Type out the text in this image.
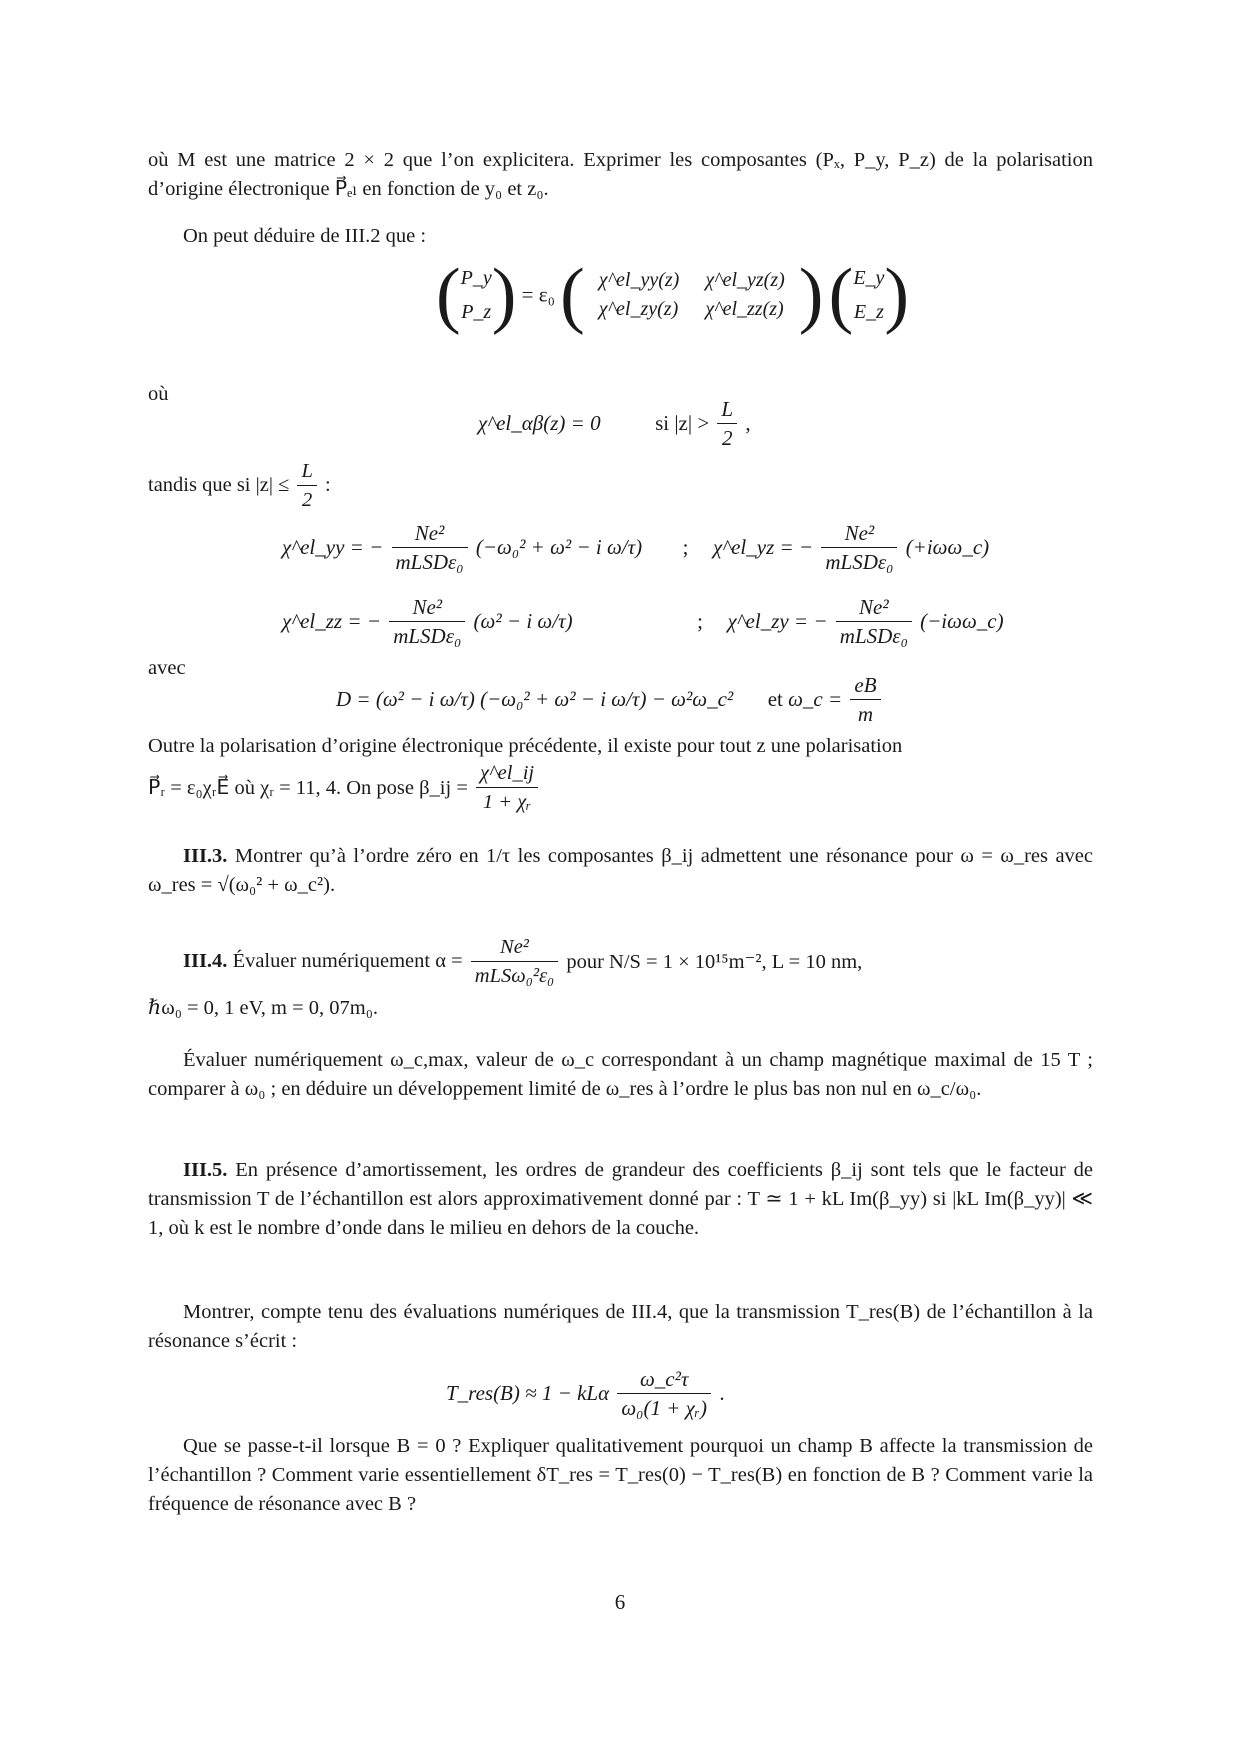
où M est une matrice 2 × 2 que l’on explicitera. Exprimer les composantes (Pₓ, P_y, P_z) de la polarisation d’origine électronique P⃗ₑₗ en fonction de y₀ et z₀.
On peut déduire de III.2 que :
( P_y
P_z ) = ε₀ ( χ^el_yy(z)	χ^el_yz(z)
χ^el_zy(z)	χ^el_zz(z) ) ( E_y
E_z )
où
χ^el_αβ(z) = 0	si $|z| > \frac{L}{2}$ ,
tandis que si $|z| \le \frac{L}{2}$ :
χ^el_yy = − $\frac{\text{Ne²}}{\text{mLSDε₀}} (-\omega_0^2 + \omega^2 - i$ ω/τ) ; χ^el_yz = − $\frac{\text{Ne²}}{\text{mLSDε₀}}$ (+iωω_c)
χ^el_zz = − $\frac{\text{Ne²}}{\text{mLSDε₀}} (\omega^2 - i$ ω/τ)	; χ^el_zy = − $\frac{\text{Ne²}}{\text{mLSDε₀}}$ (−iωω_c)
avec
D = (ω² − i ω/τ) (−ω₀² + ω² − i ω/τ) − ω²ω_c² et ω_c = $\frac{eB}{m}$
Outre la polarisation d’origine électronique précédente, il existe pour tout z une polarisation
P⃗ᵣ = ε₀χᵣE⃗ où χᵣ = 11, 4. On pose β_ij = $\frac{\chi\^{}el\_ij}{\text{1 + χᵣ}}$
III.3. Montrer qu’à l’ordre zéro en 1/τ les composantes β_ij admettent une résonance pour ω = ω_res avec ω_res = √(ω₀² + ω_c²).
III.4. Évaluer numériquement $\alpha = \frac{\text{Ne²}}{\text{mLSω₀²ε₀}}$ pour N/S = 1 × 10¹⁵m⁻², L = 10 nm,
ℏω₀ = 0, 1 eV, m = 0, 07m₀.
Évaluer numériquement ω_c,max, valeur de ω_c correspondant à un champ magnétique maximal de 15 T ; comparer à ω₀ ; en déduire un développement limité de ω_res à l’ordre le plus bas non nul en ω_c/ω₀.
III.5. En présence d’amortissement, les ordres de grandeur des coefficients β_ij sont tels que le facteur de transmission T de l’échantillon est alors approximativement donné par : T ≃ 1 + kL Im(β_yy) si |kL Im(β_yy)| ≪ 1, où k est le nombre d’onde dans le milieu en dehors de la couche.
Montrer, compte tenu des évaluations numériques de III.4, que la transmission T_res(B) de l’échantillon à la résonance s’écrit :
T_res(B) ≈ 1 − kLα $\frac{\text{ω\_c²τ}}{\text{ω₀(1 + χᵣ)}}$ .
Que se passe-t-il lorsque B = 0 ? Expliquer qualitativement pourquoi un champ B affecte la transmission de l’échantillon ? Comment varie essentiellement δT_res = T_res(0) − T_res(B) en fonction de B ? Comment varie la fréquence de résonance avec B ?
6
